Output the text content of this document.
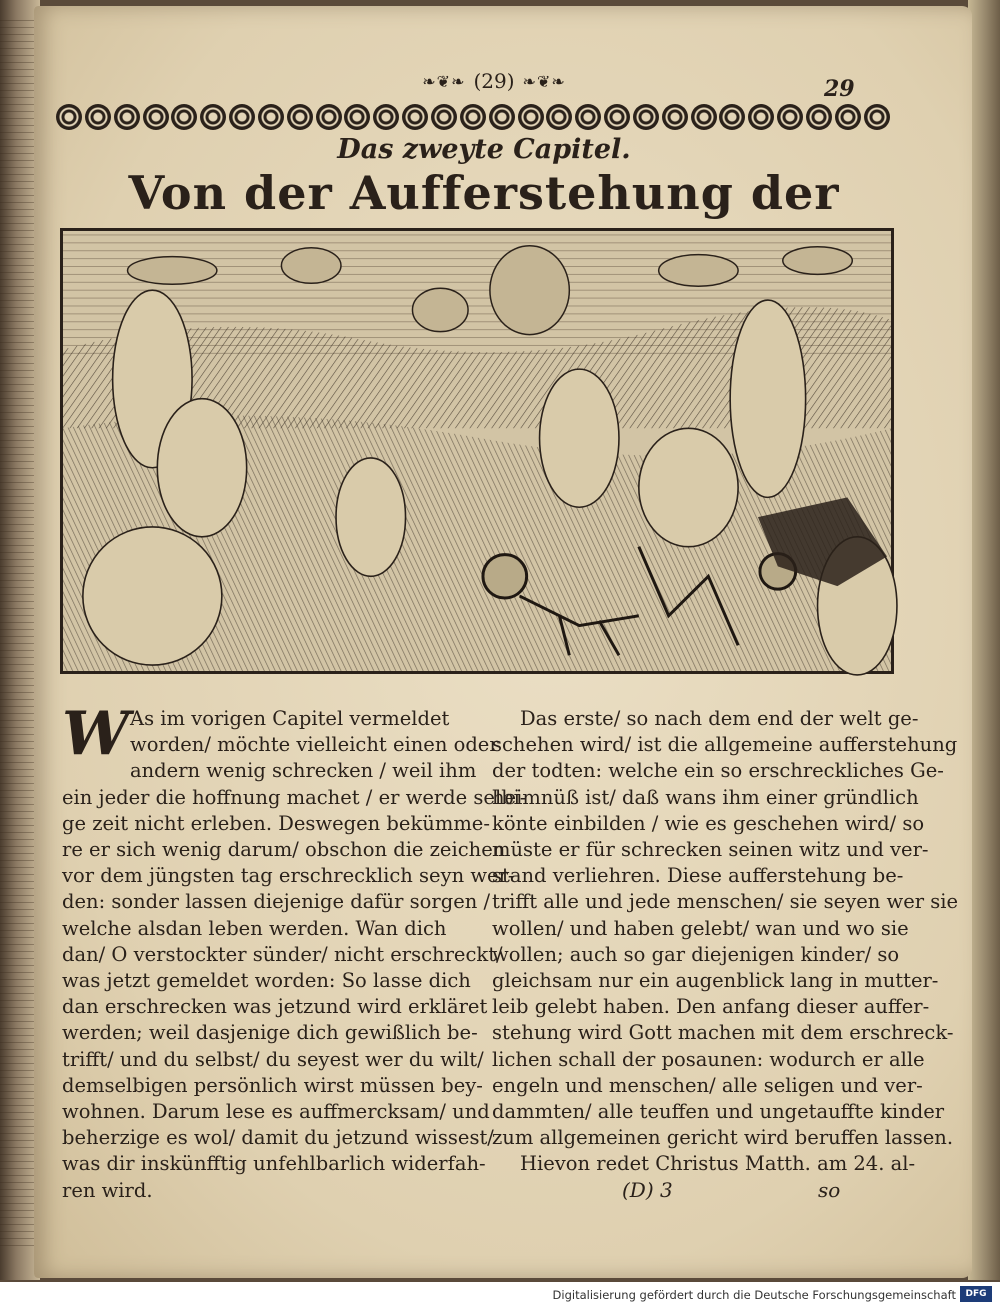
❧❦❧ (29) ❧❦❧	29
Das zweyte Capitel.
Von der Aufferstehung der
W As im vorigen Capitel vermeldet
worden/ möchte vielleicht einen oder
andern wenig schrecken / weil ihm
ein jeder die hoffnung machet / er werde selbi-
ge zeit nicht erleben. Deswegen bekümme-
re er sich wenig darum/ obschon die zeichen
vor dem jüngsten tag erschrecklich seyn wer-
den: sonder lassen diejenige dafür sorgen /
welche alsdan leben werden. Wan dich
dan/ O verstockter sünder/ nicht erschreckt/
was jetzt gemeldet worden: So lasse dich
dan erschrecken was jetzund wird erkläret
werden; weil dasjenige dich gewißlich be-
trifft/ und du selbst/ du seyest wer du wilt/
demselbigen persönlich wirst müssen bey-
wohnen. Darum lese es auffmercksam/ und
beherzige es wol/ damit du jetzund wissest/
was dir inskünfftig unfehlbarlich widerfah-
ren wird.
Das erste/ so nach dem end der welt ge-
schehen wird/ ist die allgemeine aufferstehung
der todten: welche ein so erschreckliches Ge-
heimnüß ist/ daß wans ihm einer gründlich
könte einbilden / wie es geschehen wird/ so
müste er für schrecken seinen witz und ver-
stand verliehren. Diese aufferstehung be-
trifft alle und jede menschen/ sie seyen wer sie
wollen/ und haben gelebt/ wan und wo sie
wollen; auch so gar diejenigen kinder/ so
gleichsam nur ein augenblick lang in mutter-
leib gelebt haben. Den anfang dieser auffer-
stehung wird Gott machen mit dem erschreck-
lichen schall der posaunen: wodurch er alle
engeln und menschen/ alle seligen und ver-
dammten/ alle teuffen und ungetauffte kinder
zum allgemeinen gericht wird beruffen lassen.
Hievon redet Christus Matth. am 24. al-
(D) 3	so
Digitalisierung gefördert durch die Deutsche Forschungsgemeinschaft	DFG
